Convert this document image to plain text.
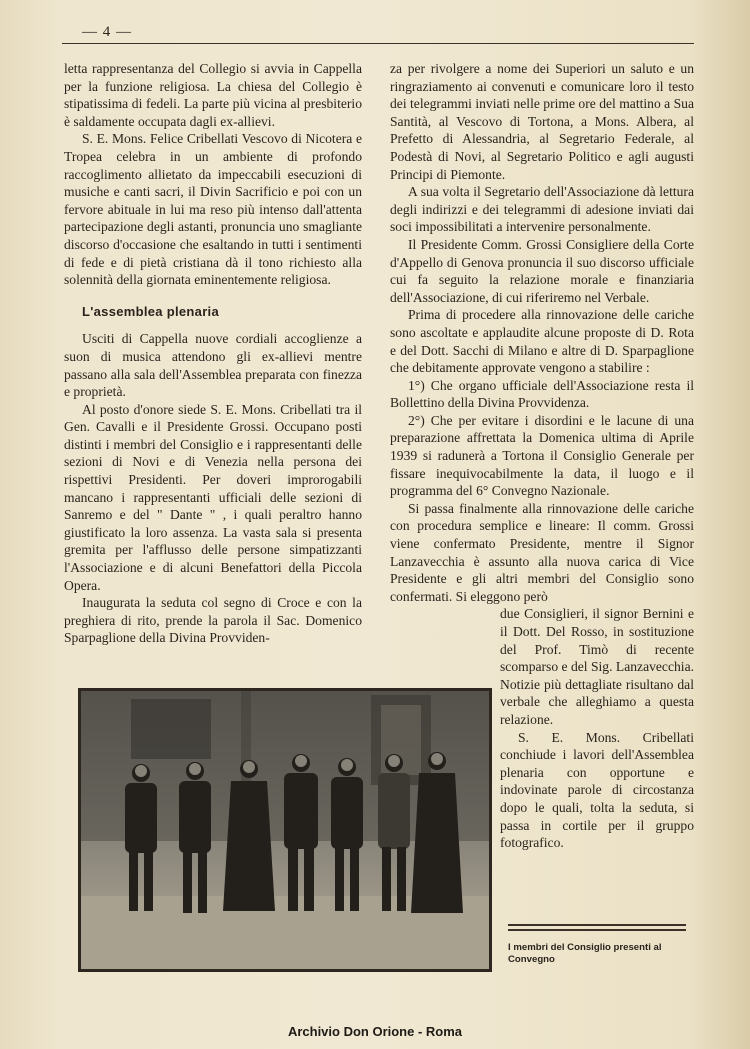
— 4 —

letta rappresentanza del Collegio si avvia in Cappella per la funzione religiosa. La chiesa del Collegio è stipatissima di fedeli. La parte più vicina al presbiterio è saldamente occupata dagli ex-allievi.

S. E. Mons. Felice Cribellati Vescovo di Nicotera e Tropea celebra in un ambiente di profondo raccoglimento allietato da impeccabili esecuzioni di musiche e canti sacri, il Divin Sacrificio e poi con un fervore abituale in lui ma reso più intenso dall'attenta partecipazione degli astanti, pronuncia uno smagliante discorso d'occasione che esaltando in tutti i sentimenti di fede e di pietà cristiana dà il tono richiesto alla solennità della giornata eminentemente religiosa.

L'assemblea plenaria

Usciti di Cappella nuove cordiali accoglienze a suon di musica attendono gli ex-allievi mentre passano alla sala dell'Assemblea preparata con finezza e proprietà.

Al posto d'onore siede S. E. Mons. Cribellati tra il Gen. Cavalli e il Presidente Grossi. Occupano posti distinti i membri del Consiglio e i rappresentanti delle sezioni di Novi e di Venezia nella persona dei rispettivi Presidenti. Per doveri improrogabili mancano i rappresentanti ufficiali delle sezioni di Sanremo e del " Dante " , i quali peraltro hanno giustificato la loro assenza. La vasta sala si presenta gremita per l'afflusso delle persone simpatizzanti l'Associazione e di alcuni Benefattori della Piccola Opera.

Inaugurata la seduta col segno di Croce e con la preghiera di rito, prende la parola il Sac. Domenico Sparpaglione della Divina Provviden-

za per rivolgere a nome dei Superiori un saluto e un ringraziamento ai convenuti e comunicare loro il testo dei telegrammi inviati nelle prime ore del mattino a Sua Santità, al Vescovo di Tortona, a Mons. Albera, al Prefetto di Alessandria, al Segretario Federale, al Podestà di Novi, al Segretario Politico e agli augusti Principi di Piemonte.

A sua volta il Segretario dell'Associazione dà lettura degli indirizzi e dei telegrammi di adesione inviati dai soci impossibilitati a intervenire personalmente.

Il Presidente Comm. Grossi Consigliere della Corte d'Appello di Genova pronuncia il suo discorso ufficiale cui fa seguito la relazione morale e finanziaria dell'Associazione, di cui riferiremo nel Verbale.

Prima di procedere alla rinnovazione delle cariche sono ascoltate e applaudite alcune proposte di D. Rota e del Dott. Sacchi di Milano e altre di D. Sparpaglione che debitamente approvate vengono a stabilire :

1°) Che organo ufficiale dell'Associazione resta il Bollettino della Divina Provvidenza.

2°) Che per evitare i disordini e le lacune di una preparazione affrettata la Domenica ultima di Aprile 1939 si radunerà a Tortona il Consiglio Generale per fissare inequivocabilmente la data, il luogo e il programma del 6° Convegno Nazionale.

Si passa finalmente alla rinnovazione delle cariche con procedura semplice e lineare: Il comm. Grossi viene confermato Presidente, mentre il Signor Lanzavecchia è assunto alla nuova carica di Vice Presidente e gli altri membri del Consiglio sono confermati. Si eleggono però

due Consiglieri, il signor Bernini e il Dott. Del Rosso, in sostituzione del Prof. Timò di recente scomparso e del Sig. Lanzavecchia. Notizie più dettagliate risultano dal verbale che alleghiamo a questa relazione.

S. E. Mons. Cribellati conchiude i lavori dell'Assemblea plenaria con opportune e indovinate parole di circostanza dopo le quali, tolta la seduta, si passa in cortile per il gruppo fotografico.

I membri del Consiglio presenti al Convegno
Archivio Don Orione - Roma
